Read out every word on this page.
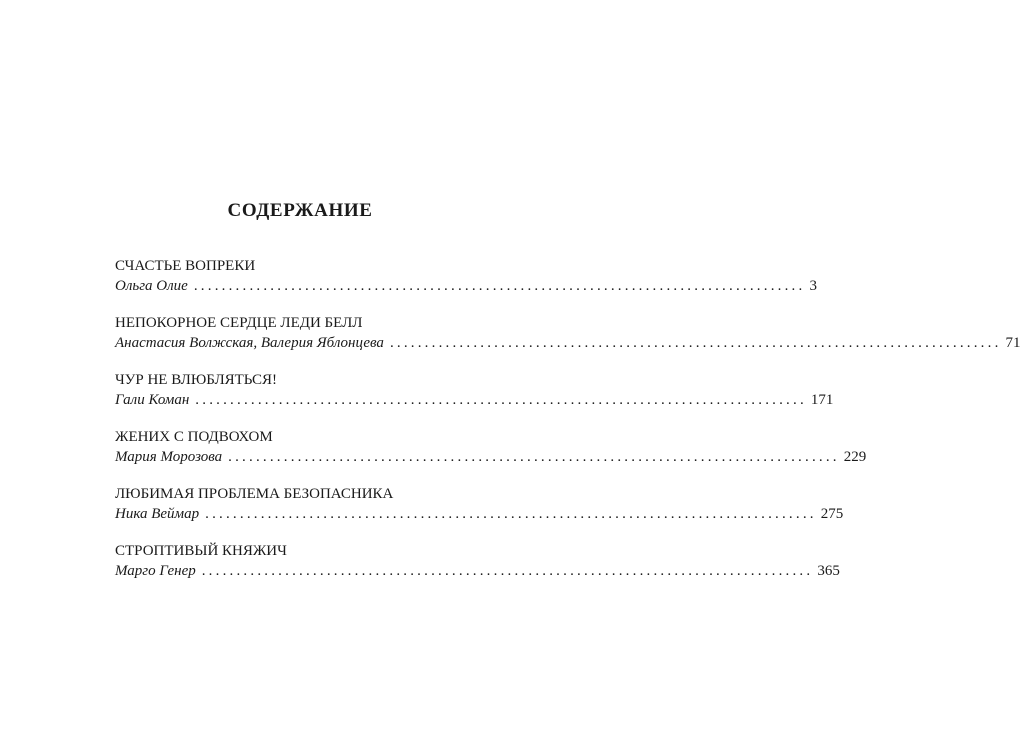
СОДЕРЖАНИЕ
СЧАСТЬЕ ВОПРЕКИ
Ольга Олие ........................................................................................ 3
НЕПОКОРНОЕ СЕРДЦЕ ЛЕДИ БЕЛЛ
Анастасия Волжская, Валерия Яблонцева ........................................................................................ 71
ЧУР НЕ ВЛЮБЛЯТЬСЯ!
Гали Коман ........................................................................................ 171
ЖЕНИХ С ПОДВОХОМ
Мария Морозова ........................................................................................ 229
ЛЮБИМАЯ ПРОБЛЕМА БЕЗОПАСНИКА
Ника Веймар ........................................................................................ 275
СТРОПТИВЫЙ КНЯЖИЧ
Марго Генер ........................................................................................ 365
